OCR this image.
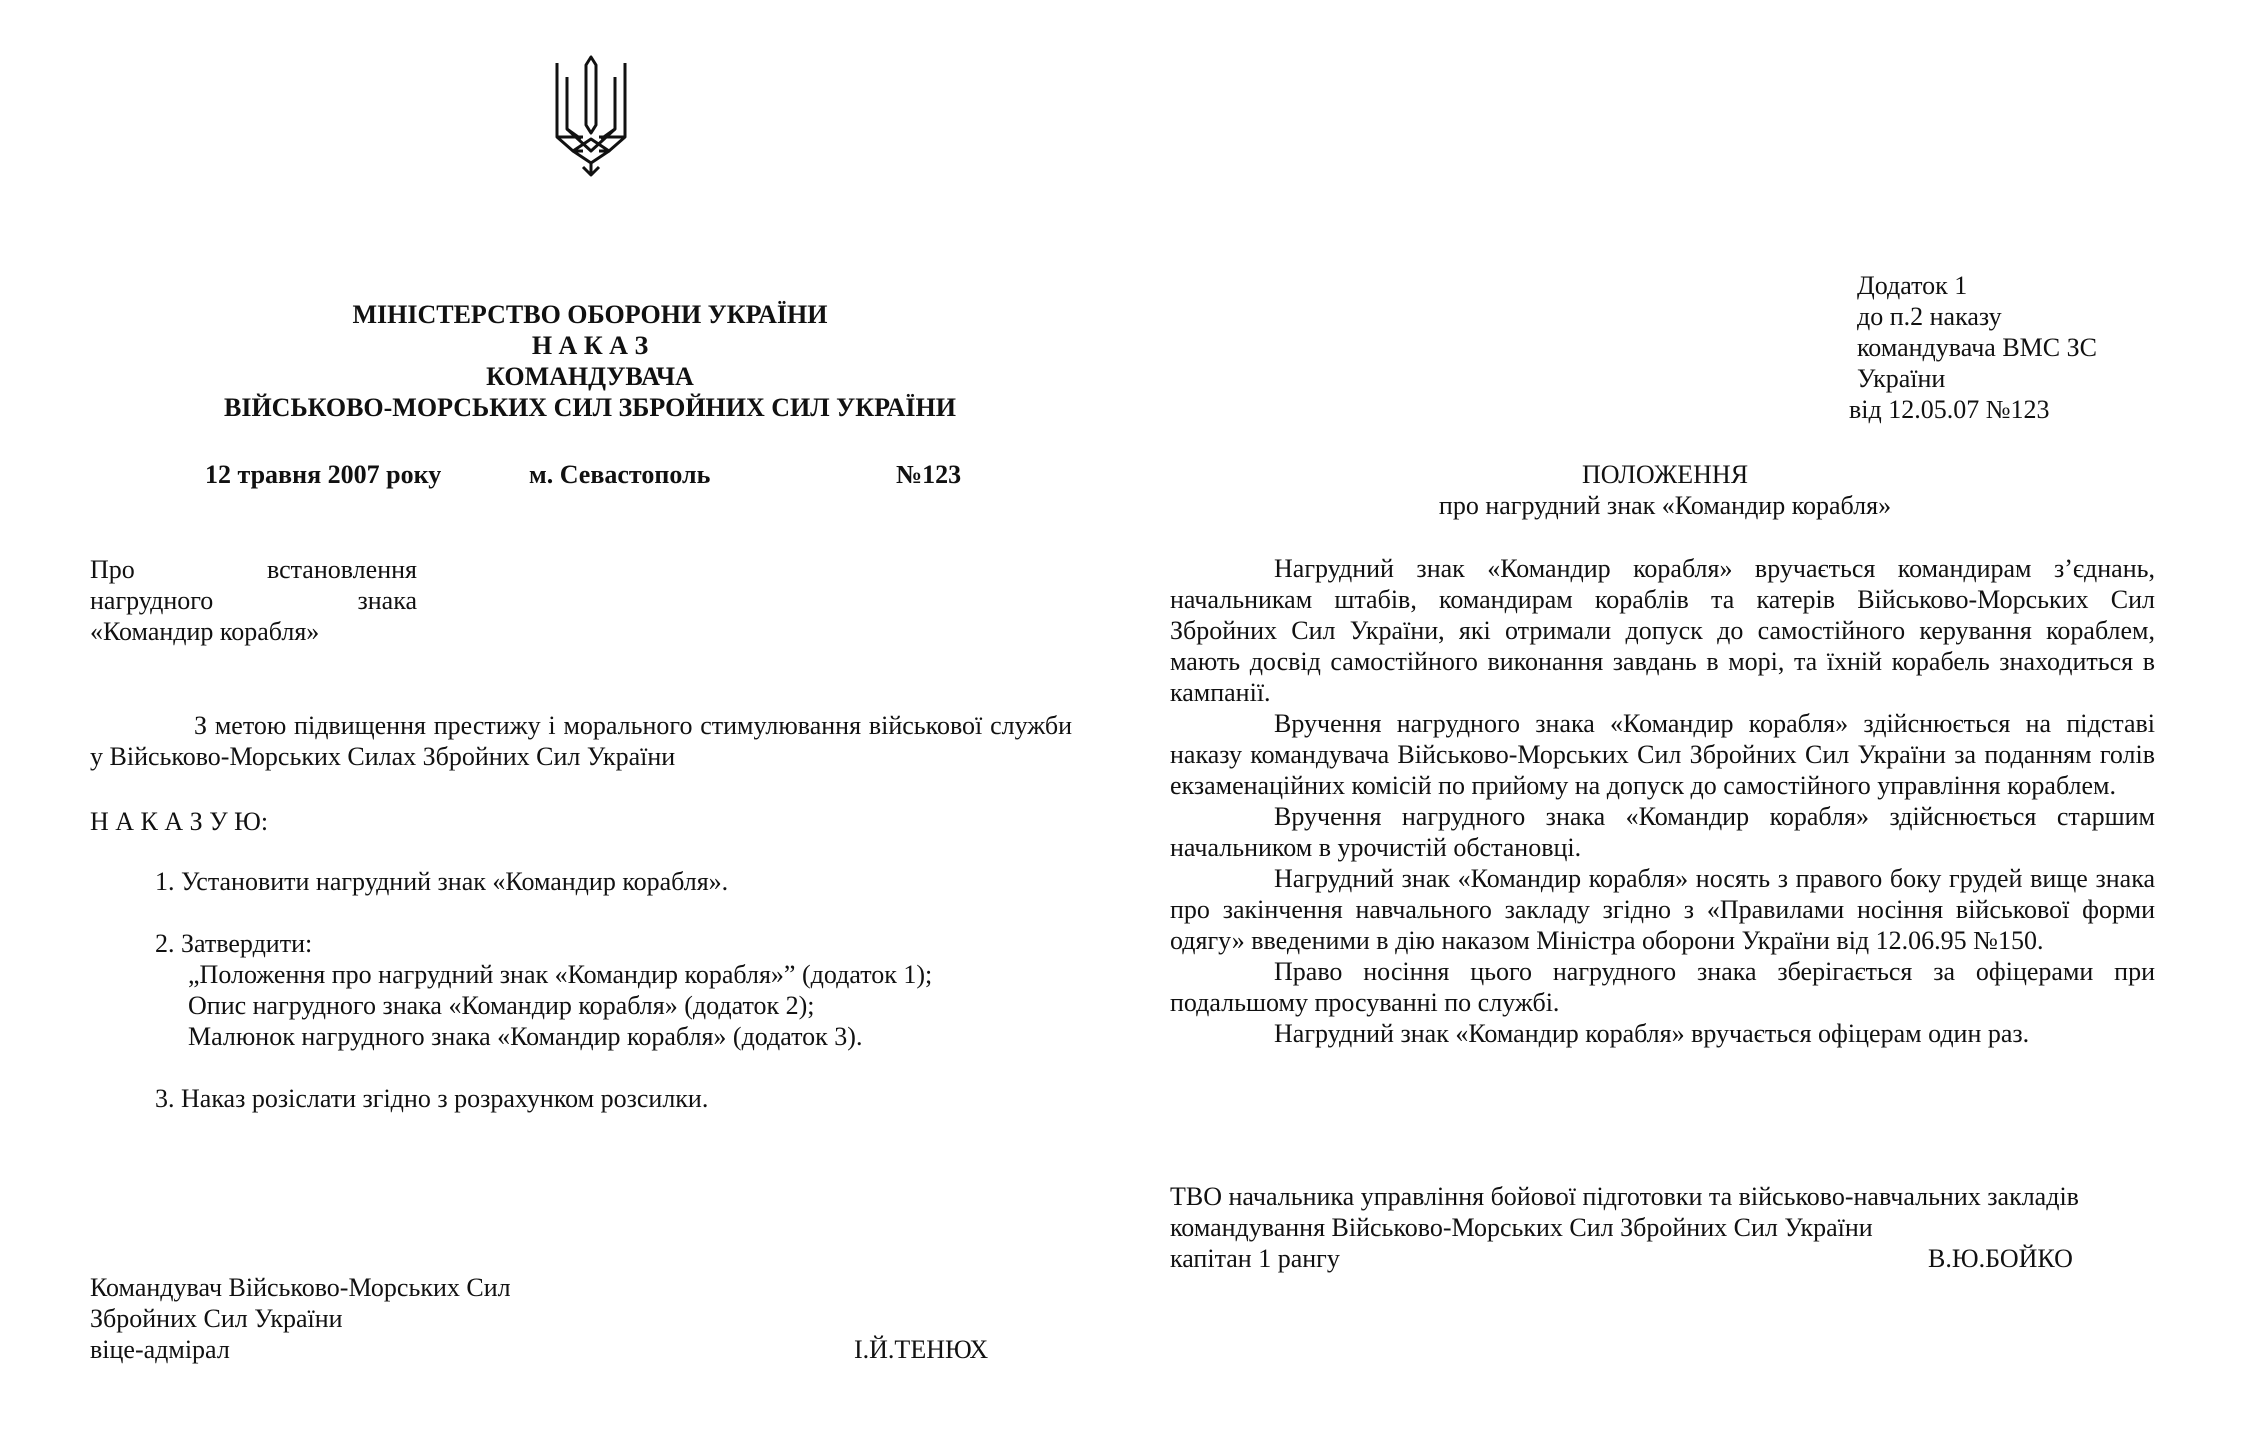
МІНІСТЕРСТВО ОБОРОНИ УКРАЇНИ
Н А К А З
КОМАНДУВАЧА
ВІЙСЬКОВО-МОРСЬКИХ СИЛ ЗБРОЙНИХ СИЛ УКРАЇНИ
12 травня 2007 року	м. Севастополь	№123
Про	встановлення
нагрудного	знака
«Командир корабля»

З метою підвищення престижу і морального стимулювання військової служби у Військово-Морських Силах Збройних Сил України

Н А К А З У Ю:
1. Установити нагрудний знак «Командир корабля».
2. Затвердити:
„Положення про нагрудний знак «Командир корабля»” (додаток 1);
Опис нагрудного знака «Командир корабля» (додаток 2);
Малюнок нагрудного знака «Командир корабля» (додаток 3).
3. Наказ розіслати згідно з розрахунком розсилки.
Командувач Військово-Морських Сил
Збройних Сил України
віце-адмірал	І.Й.ТЕНЮХ
Додаток 1
до п.2 наказу
командувача ВМС ЗС
України
від 12.05.07 №123
ПОЛОЖЕННЯ
про нагрудний знак «Командир корабля»

Нагрудний знак «Командир корабля» вручається командирам з’єднань, начальникам штабів, командирам кораблів та катерів Військово-Морських Сил Збройних Сил України, які отримали допуск до самостійного керування кораблем, мають досвід самостійного виконання завдань в морі, та їхній корабель знаходиться в кампанії.

Вручення нагрудного знака «Командир корабля» здійснюється на підставі наказу командувача Військово-Морських Сил Збройних Сил України за поданням голів екзаменаційних комісій по прийому на допуск до самостійного управління кораблем.

Вручення нагрудного знака «Командир корабля» здійснюється старшим начальником в урочистій обстановці.

Нагрудний знак «Командир корабля» носять з правого боку грудей вище знака про закінчення навчального закладу згідно з «Правилами носіння військової форми одягу» введеними в дію наказом Міністра оборони України від 12.06.95 №150.

Право носіння цього нагрудного знака зберігається за офіцерами при подальшому просуванні по службі.

Нагрудний знак «Командир корабля» вручається офіцерам один раз.

ТВО начальника управління бойової підготовки та військово-навчальних закладів
командування Військово-Морських Сил Збройних Сил України
капітан 1 рангу	В.Ю.БОЙКО
